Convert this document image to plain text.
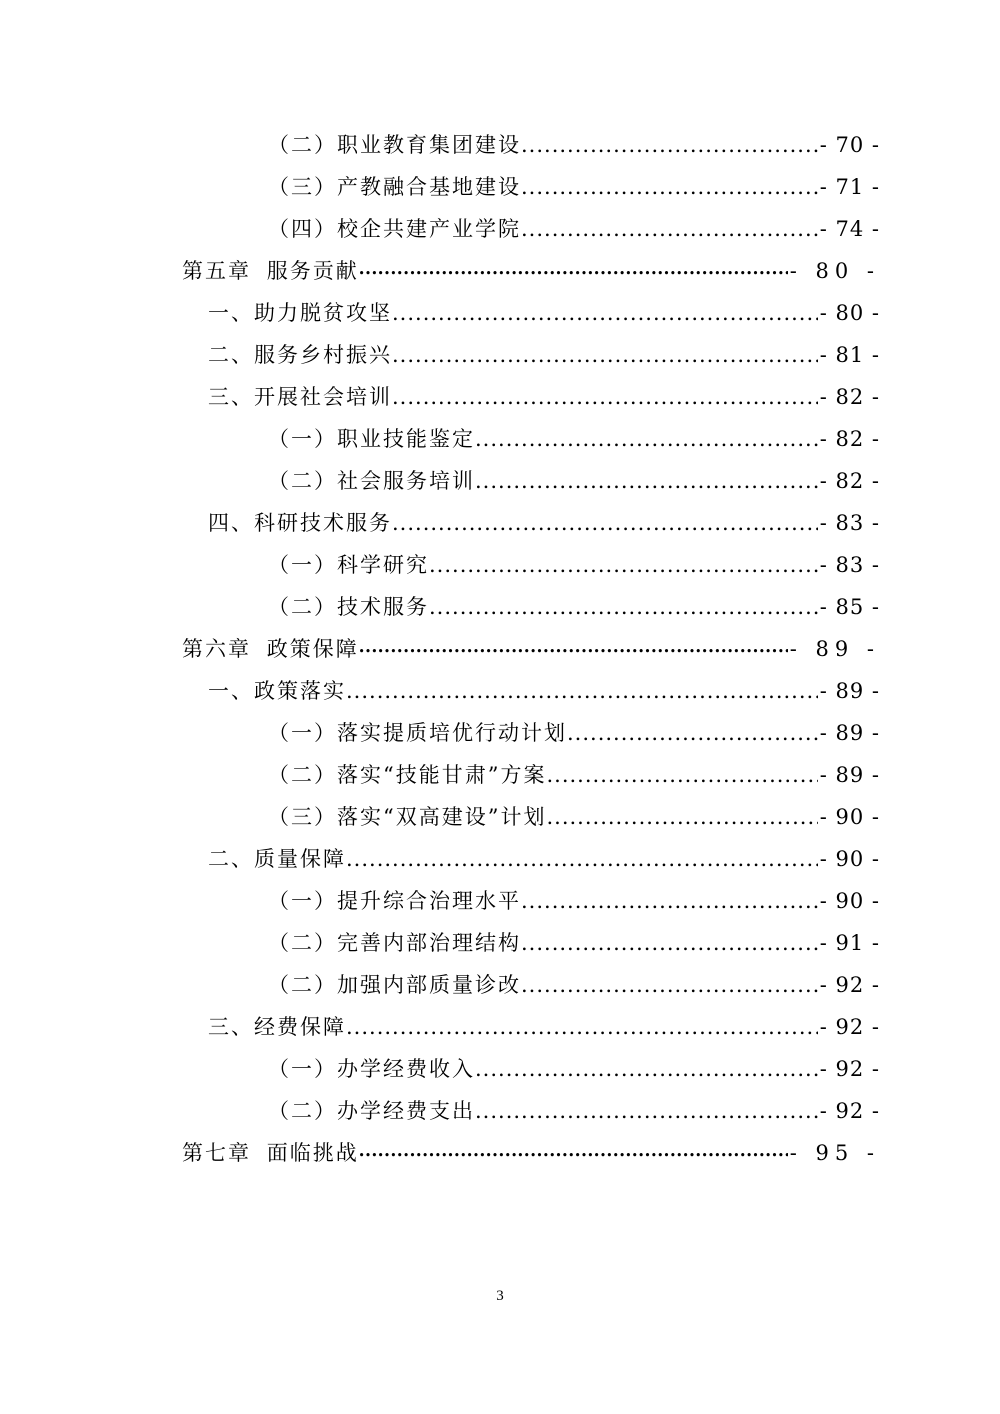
（二）职业教育集团建设 .....	- 70 -
（三）产教融合基地建设 .....	- 71 -
（四）校企共建产业学院 .....	- 74 -
第五章 服务贡献 •••••	- 80 -
一、助力脱贫攻坚 .....	- 80 -
二、服务乡村振兴 .....	- 81 -
三、开展社会培训 .....	- 82 -
（一）职业技能鉴定 .....	- 82 -
（二）社会服务培训 .....	- 82 -
四、科研技术服务 .....	- 83 -
（一）科学研究 .....	- 83 -
（二）技术服务 .....	- 85 -
第六章 政策保障 •••••	- 89 -
一、政策落实 .....	- 89 -
（一）落实提质培优行动计划 .....	- 89 -
（二）落实“技能甘肃”方案 .....	- 89 -
（三）落实“双高建设”计划 .....	- 90 -
二、质量保障 .....	- 90 -
（一）提升综合治理水平 .....	- 90 -
（二）完善内部治理结构 .....	- 91 -
（二）加强内部质量诊改 .....	- 92 -
三、经费保障 .....	- 92 -
（一）办学经费收入 .....	- 92 -
（二）办学经费支出 .....	- 92 -
第七章 面临挑战 •••••	- 95 -
3
